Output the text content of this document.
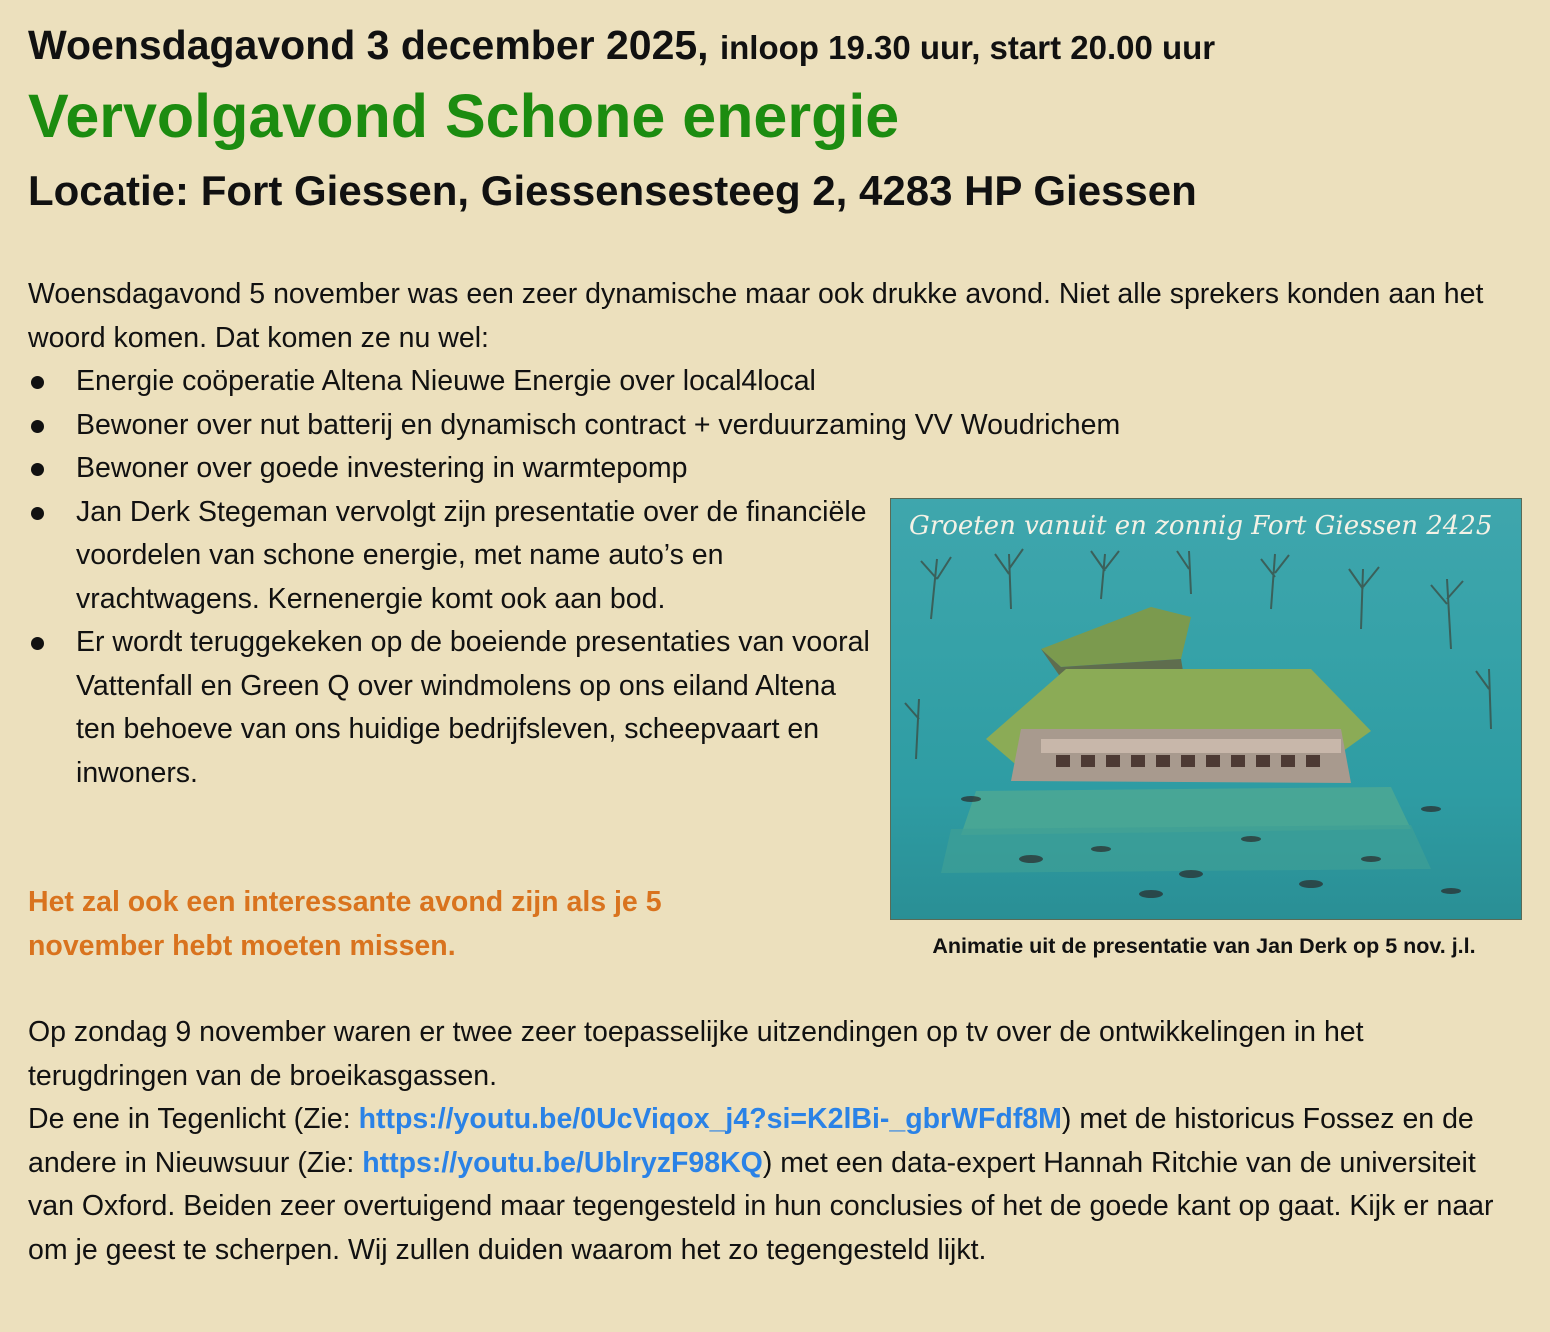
Woensdagavond 3 december 2025, inloop 19.30 uur, start 20.00 uur
Vervolgavond Schone energie
Locatie: Fort Giessen, Giessensesteeg 2, 4283 HP Giessen
Woensdagavond 5 november was een zeer dynamische maar ook drukke avond. Niet alle sprekers konden aan het woord komen. Dat komen ze nu wel:
Energie coöperatie Altena Nieuwe Energie over local4local
Bewoner over nut batterij en dynamisch contract + verduurzaming VV Woudrichem
Bewoner over goede investering in warmtepomp
Jan Derk Stegeman vervolgt zijn presentatie over de financiële voordelen van schone energie, met name auto’s en vrachtwagens. Kernenergie komt ook aan bod.
Er wordt teruggekeken op de boeiende presentaties van vooral Vattenfall en Green Q over windmolens op ons eiland Altena ten behoeve van ons huidige bedrijfsleven, scheepvaart en inwoners.
Het zal ook een interessante avond zijn als je 5 november hebt moeten missen.
Groeten vanuit en zonnig Fort Giessen 2425
Animatie uit de presentatie van Jan Derk op 5 nov. j.l.
Op zondag 9 november waren er twee zeer toepasselijke uitzendingen op tv over de ontwikkelingen in het terugdringen van de broeikasgassen.
De ene in Tegenlicht (Zie: https://youtu.be/0UcViqox_j4?si=K2lBi-_gbrWFdf8M) met de historicus Fossez en de andere in Nieuwsuur (Zie: https://youtu.be/UblryzF98KQ) met een data-expert Hannah Ritchie van de universiteit van Oxford. Beiden zeer overtuigend maar tegengesteld in hun conclusies of het de goede kant op gaat. Kijk er naar om je geest te scherpen. Wij zullen duiden waarom het zo tegengesteld lijkt.
